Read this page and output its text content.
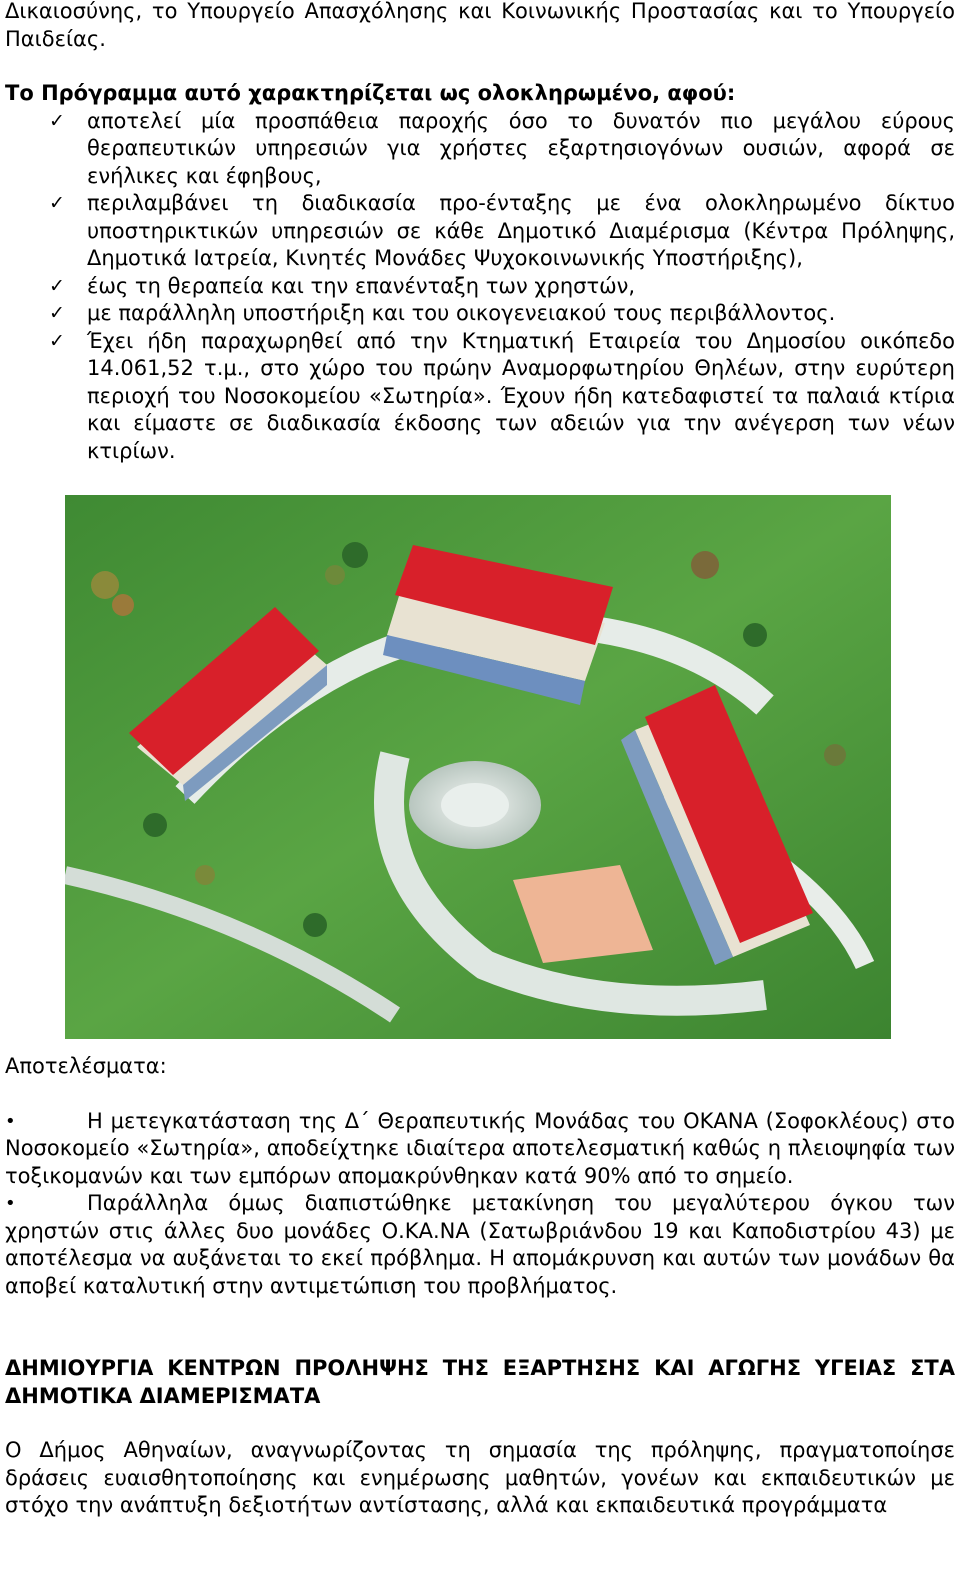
Δικαιοσύνης, το Υπουργείο Απασχόλησης και Κοινωνικής Προστασίας και το Υπουργείο Παιδείας.

Το Πρόγραμμα αυτό χαρακτηρίζεται ως ολοκληρωμένο, αφού:

✓ αποτελεί μία προσπάθεια παροχής όσο το δυνατόν πιο μεγάλου εύρους θεραπευτικών υπηρεσιών για χρήστες εξαρτησιογόνων ουσιών, αφορά σε ενήλικες και έφηβους,
✓ περιλαμβάνει τη διαδικασία προ-ένταξης με ένα ολοκληρωμένο δίκτυο υποστηρικτικών υπηρεσιών σε κάθε Δημοτικό Διαμέρισμα (Κέντρα Πρόληψης, Δημοτικά Ιατρεία, Κινητές Μονάδες Ψυχοκοινωνικής Υποστήριξης),
✓ έως τη θεραπεία και την επανένταξη των χρηστών,
✓ με παράλληλη υποστήριξη και του οικογενειακού τους περιβάλλοντος.
✓ Έχει ήδη παραχωρηθεί από την Κτηματική Εταιρεία του Δημοσίου οικόπεδο 14.061,52 τ.μ., στο χώρο του πρώην Αναμορφωτηρίου Θηλέων, στην ευρύτερη περιοχή του Νοσοκομείου «Σωτηρία». Έχουν ήδη κατεδαφιστεί τα παλαιά κτίρια και είμαστε σε διαδικασία έκδοσης των αδειών για την ανέγερση των νέων κτιρίων.

Αποτελέσματα:

•	Η μετεγκατάσταση της Δ΄ Θεραπευτικής Μονάδας του ΟΚΑΝΑ (Σοφοκλέους) στο Νοσοκομείο «Σωτηρία», αποδείχτηκε ιδιαίτερα αποτελεσματική καθώς η πλειοψηφία των τοξικομανών και των εμπόρων απομακρύνθηκαν κατά 90% από το σημείο.
•	Παράλληλα όμως διαπιστώθηκε μετακίνηση του μεγαλύτερου όγκου των χρηστών στις άλλες δυο μονάδες Ο.ΚΑ.ΝΑ (Σατωβριάνδου 19 και Καποδιστρίου 43) με αποτέλεσμα να αυξάνεται το εκεί πρόβλημα. Η απομάκρυνση και αυτών των μονάδων θα αποβεί καταλυτική στην αντιμετώπιση του προβλήματος.

ΔΗΜΙΟΥΡΓΙΑ ΚΕΝΤΡΩΝ ΠΡΟΛΗΨΗΣ ΤΗΣ ΕΞΑΡΤΗΣΗΣ ΚΑΙ ΑΓΩΓΗΣ ΥΓΕΙΑΣ ΣΤΑ ΔΗΜΟΤΙΚΑ ΔΙΑΜΕΡΙΣΜΑΤΑ

Ο Δήμος Αθηναίων, αναγνωρίζοντας τη σημασία της πρόληψης, πραγματοποίησε δράσεις ευαισθητοποίησης και ενημέρωσης μαθητών, γονέων και εκπαιδευτικών με στόχο την ανάπτυξη δεξιοτήτων αντίστασης, αλλά και εκπαιδευτικά προγράμματα
